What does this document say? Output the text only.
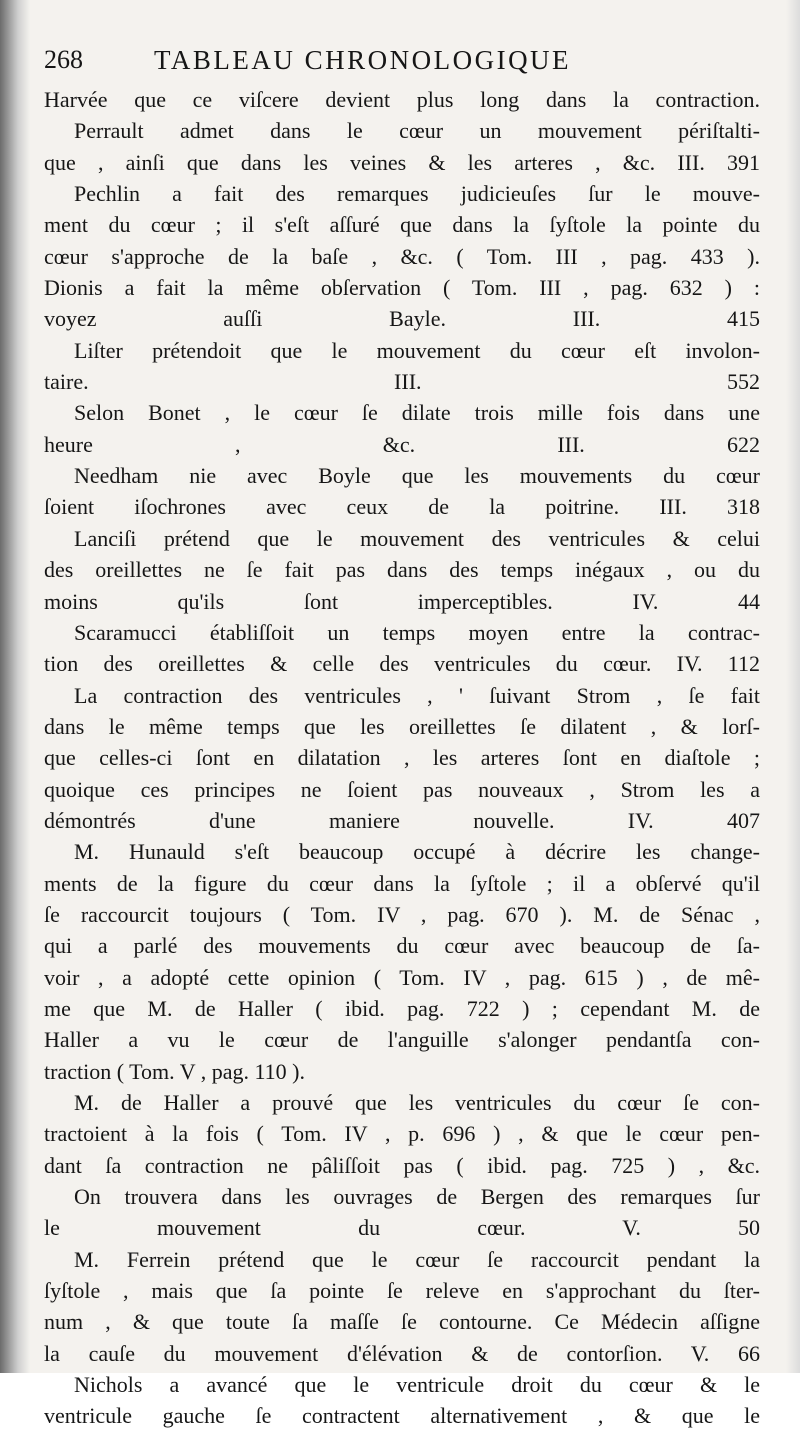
268	TABLEAU CHRONOLOGIQUE
Harvée que ce viſcere devient plus long dans la contraction.
Perrault admet dans le cœur un mouvement périſtalti-
que , ainſi que dans les veines & les arteres , &c. III. 391
Pechlin a fait des remarques judicieuſes ſur le mouve-
ment du cœur ; il s'eſt aſſuré que dans la ſyſtole la pointe du
cœur s'approche de la baſe , &c. ( Tom. III , pag. 433 ).
Dionis a fait la même obſervation ( Tom. III , pag. 632 ) :
voyez auſſi Bayle. III. 415
Liſter prétendoit que le mouvement du cœur eſt involon-
taire. III. 552
Selon Bonet , le cœur ſe dilate trois mille fois dans une
heure , &c. III. 622
Needham nie avec Boyle que les mouvements du cœur
ſoient iſochrones avec ceux de la poitrine. III. 318
Lanciſi prétend que le mouvement des ventricules & celui
des oreillettes ne ſe fait pas dans des temps inégaux , ou du
moins qu'ils ſont imperceptibles. IV. 44
Scaramucci établiſſoit un temps moyen entre la contrac-
tion des oreillettes & celle des ventricules du cœur. IV. 112
La contraction des ventricules , ' ſuivant Strom , ſe fait
dans le même temps que les oreillettes ſe dilatent , & lorſ-
que celles-ci ſont en dilatation , les arteres ſont en diaſtole ;
quoique ces principes ne ſoient pas nouveaux , Strom les a
démontrés d'une maniere nouvelle. IV. 407
M. Hunauld s'eſt beaucoup occupé à décrire les change-
ments de la figure du cœur dans la ſyſtole ; il a obſervé qu'il
ſe raccourcit toujours ( Tom. IV , pag. 670 ). M. de Sénac ,
qui a parlé des mouvements du cœur avec beaucoup de ſa-
voir , a adopté cette opinion ( Tom. IV , pag. 615 ) , de mê-
me que M. de Haller ( ibid. pag. 722 ) ; cependant M. de
Haller a vu le cœur de l'anguille s'alonger pendantſa con-
traction ( Tom. V , pag. 110 ).
M. de Haller a prouvé que les ventricules du cœur ſe con-
tractoient à la fois ( Tom. IV , p. 696 ) , & que le cœur pen-
dant ſa contraction ne pâliſſoit pas ( ibid. pag. 725 ) , &c.
On trouvera dans les ouvrages de Bergen des remarques ſur
le mouvement du cœur. V. 50
M. Ferrein prétend que le cœur ſe raccourcit pendant la
ſyſtole , mais que ſa pointe ſe releve en s'approchant du ſter-
num , & que toute ſa maſſe ſe contourne. Ce Médecin aſſigne
la cauſe du mouvement d'élévation & de contorſion. V. 66
Nichols a avancé que le ventricule droit du cœur & le
ventricule gauche ſe contractent alternativement , & que le
